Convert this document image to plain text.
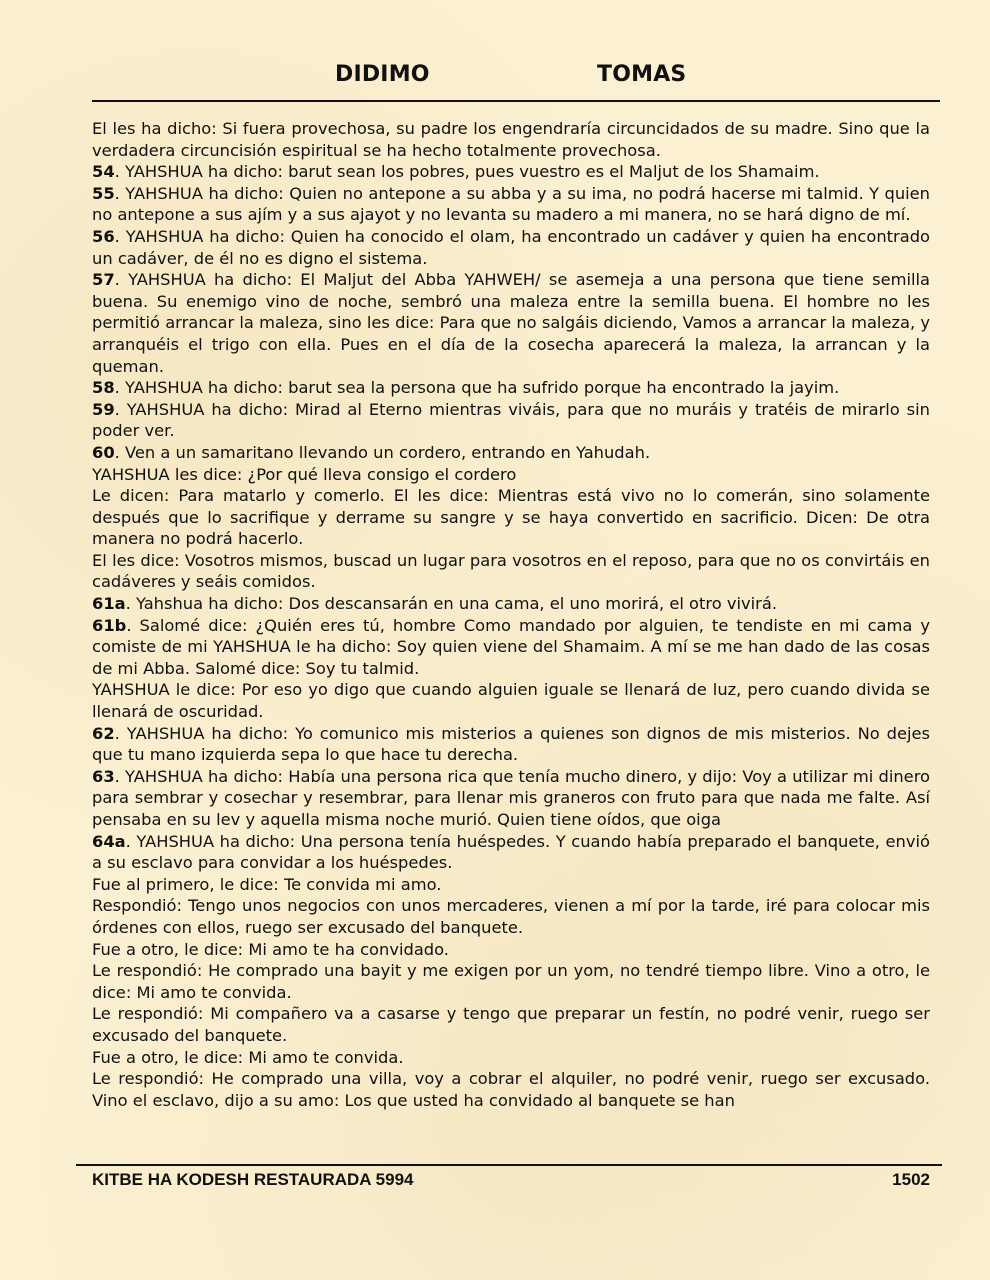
DIDIMO	TOMAS

El les ha dicho: Si fuera provechosa, su padre los engendraría circuncidados de su madre. Sino que la verdadera circuncisión espiritual se ha hecho totalmente provechosa.

54. YAHSHUA ha dicho: barut sean los pobres, pues vuestro es el Maljut de los Shamaim.

55. YAHSHUA ha dicho: Quien no antepone a su abba y a su ima, no podrá hacerse mi talmid. Y quien no antepone a sus ajím y a sus ajayot y no levanta su madero a mi manera, no se hará digno de mí.

56. YAHSHUA ha dicho: Quien ha conocido el olam, ha encontrado un cadáver y quien ha encontrado un cadáver, de él no es digno el sistema.

57. YAHSHUA ha dicho: El Maljut del Abba YAHWEH/ se asemeja a una persona que tiene semilla buena. Su enemigo vino de noche, sembró una maleza entre la semilla buena. El hombre no les permitió arrancar la maleza, sino les dice: Para que no salgáis diciendo, Vamos a arrancar la maleza, y arranquéis el trigo con ella. Pues en el día de la cosecha aparecerá la maleza, la arrancan y la queman.

58. YAHSHUA ha dicho: barut sea la persona que ha sufrido porque ha encontrado la jayim.

59. YAHSHUA ha dicho: Mirad al Eterno mientras viváis, para que no muráis y tratéis de mirarlo sin poder ver.

60. Ven a un samaritano llevando un cordero, entrando en Yahudah.

YAHSHUA les dice: ¿Por qué lleva consigo el cordero

Le dicen: Para matarlo y comerlo. El les dice: Mientras está vivo no lo comerán, sino solamente después que lo sacrifique y derrame su sangre y se haya convertido en sacrificio. Dicen: De otra manera no podrá hacerlo.

El les dice: Vosotros mismos, buscad un lugar para vosotros en el reposo, para que no os convirtáis en cadáveres y seáis comidos.

61a. Yahshua ha dicho: Dos descansarán en una cama, el uno morirá, el otro vivirá.

61b. Salomé dice: ¿Quién eres tú, hombre Como mandado por alguien, te tendiste en mi cama y comiste de mi YAHSHUA le ha dicho: Soy quien viene del Shamaim. A mí se me han dado de las cosas de mi Abba. Salomé dice: Soy tu talmid.

YAHSHUA le dice: Por eso yo digo que cuando alguien iguale se llenará de luz, pero cuando divida se llenará de oscuridad.

62. YAHSHUA ha dicho: Yo comunico mis misterios a quienes son dignos de mis misterios. No dejes que tu mano izquierda sepa lo que hace tu derecha.

63. YAHSHUA ha dicho: Había una persona rica que tenía mucho dinero, y dijo: Voy a utilizar mi dinero para sembrar y cosechar y resembrar, para llenar mis graneros con fruto para que nada me falte. Así pensaba en su lev y aquella misma noche murió. Quien tiene oídos, que oiga

64a. YAHSHUA ha dicho: Una persona tenía huéspedes. Y cuando había preparado el banquete, envió a su esclavo para convidar a los huéspedes.

Fue al primero, le dice: Te convida mi amo.

Respondió: Tengo unos negocios con unos mercaderes, vienen a mí por la tarde, iré para colocar mis órdenes con ellos, ruego ser excusado del banquete.

Fue a otro, le dice: Mi amo te ha convidado.

Le respondió: He comprado una bayit y me exigen por un yom, no tendré tiempo libre. Vino a otro, le dice: Mi amo te convida.

Le respondió: Mi compañero va a casarse y tengo que preparar un festín, no podré venir, ruego ser excusado del banquete.

Fue a otro, le dice: Mi amo te convida.

Le respondió: He comprado una villa, voy a cobrar el alquiler, no podré venir, ruego ser excusado. Vino el esclavo, dijo a su amo: Los que usted ha convidado al banquete se han

KITBE HA KODESH RESTAURADA 5994	1502
